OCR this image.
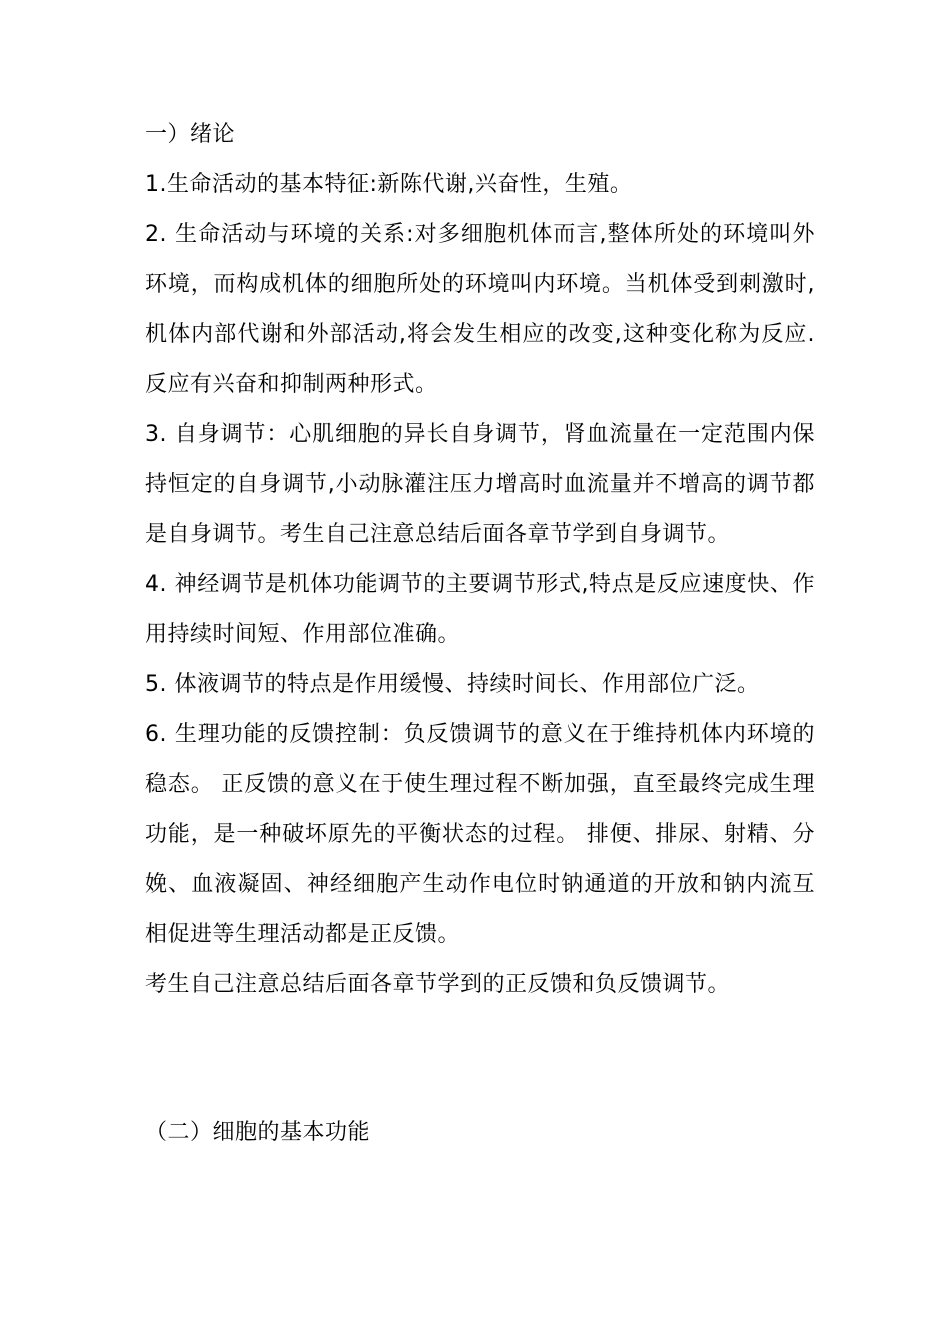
一）绪论

1.生命活动的基本特征:新陈代谢,兴奋性，生殖。

2. 生命活动与环境的关系:对多细胞机体而言,整体所处的环境叫外环境，而构成机体的细胞所处的环境叫内环境。当机体受到刺激时,机体内部代谢和外部活动,将会发生相应的改变,这种变化称为反应.反应有兴奋和抑制两种形式。

3. 自身调节：心肌细胞的异长自身调节，肾血流量在一定范围内保持恒定的自身调节,小动脉灌注压力增高时血流量并不增高的调节都是自身调节。考生自己注意总结后面各章节学到自身调节。

4. 神经调节是机体功能调节的主要调节形式,特点是反应速度快、作用持续时间短、作用部位准确。

5. 体液调节的特点是作用缓慢、持续时间长、作用部位广泛。

6. 生理功能的反馈控制：负反馈调节的意义在于维持机体内环境的稳态。 正反馈的意义在于使生理过程不断加强，直至最终完成生理功能，是一种破坏原先的平衡状态的过程。 排便、排尿、射精、分娩、血液凝固、神经细胞产生动作电位时钠通道的开放和钠内流互相促进等生理活动都是正反馈。

考生自己注意总结后面各章节学到的正反馈和负反馈调节。

（二）细胞的基本功能
